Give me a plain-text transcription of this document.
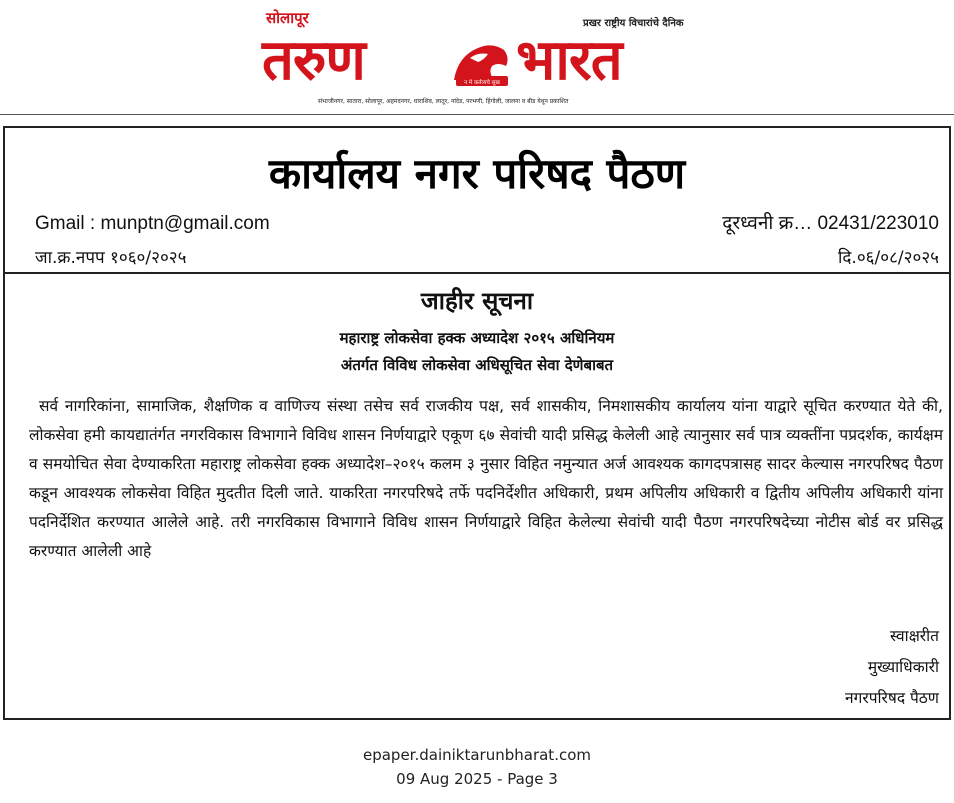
सोलापूर	प्रखर राष्ट्रीय विचारांचे दैनिक
तरुण	न मे कर्तव्यचे सुख भारत
संभाजीनगर, सातारा, सोलापूर, अहमदनगर, धाराशिव, लातूर, नांदेड, परभणी, हिंगोली, जालना व बीड येथून प्रकाशित
कार्यालय नगर परिषद पैठण
Gmail : munptn@gmail.com	दूरध्वनी क्र… 02431/223010
जा.क्र.नपप १०६०/२०२५	दि.०६/०८/२०२५
जाहीर सूचना
महाराष्ट्र लोकसेवा हक्क अध्यादेश २०१५ अधिनियम
अंतर्गत विविध लोकसेवा अधिसूचित सेवा देणेबाबत

सर्व नागरिकांना, सामाजिक, शैक्षणिक व वाणिज्य संस्था तसेच सर्व राजकीय पक्ष, सर्व शासकीय, निमशासकीय कार्यालय यांना याद्वारे सूचित करण्यात येते की, लोकसेवा हमी कायद्यातंर्गत नगरविकास विभागाने विविध शासन निर्णयाद्वारे एकूण ६७ सेवांची यादी प्रसिद्ध केलेली आहे त्यानुसार सर्व पात्र व्यक्तींना पप्रदर्शक, कार्यक्षम व समयोचित सेवा देण्याकरिता महाराष्ट्र लोकसेवा हक्क अध्यादेश–२०१५ कलम ३ नुसार विहित नमुन्यात अर्ज आवश्यक कागदपत्रासह सादर केल्यास नगरपरिषद पैठण कडून आवश्यक लोकसेवा विहित मुदतीत दिली जाते. याकरिता नगरपरिषदे तर्फे पदनिर्देशीत अधिकारी, प्रथम अपिलीय अधिकारी व द्वितीय अपिलीय अधिकारी यांना पदनिर्देशित करण्यात आलेले आहे. तरी नगरविकास विभागाने विविध शासन निर्णयाद्वारे विहित केलेल्या सेवांची यादी पैठण नगरपरिषदेच्या नोटीस बोर्ड वर प्रसिद्ध करण्यात आलेली आहे

स्वाक्षरीत
मुख्याधिकारी
नगरपरिषद पैठण
epaper.dainiktarunbharat.com
09 Aug 2025 - Page 3
